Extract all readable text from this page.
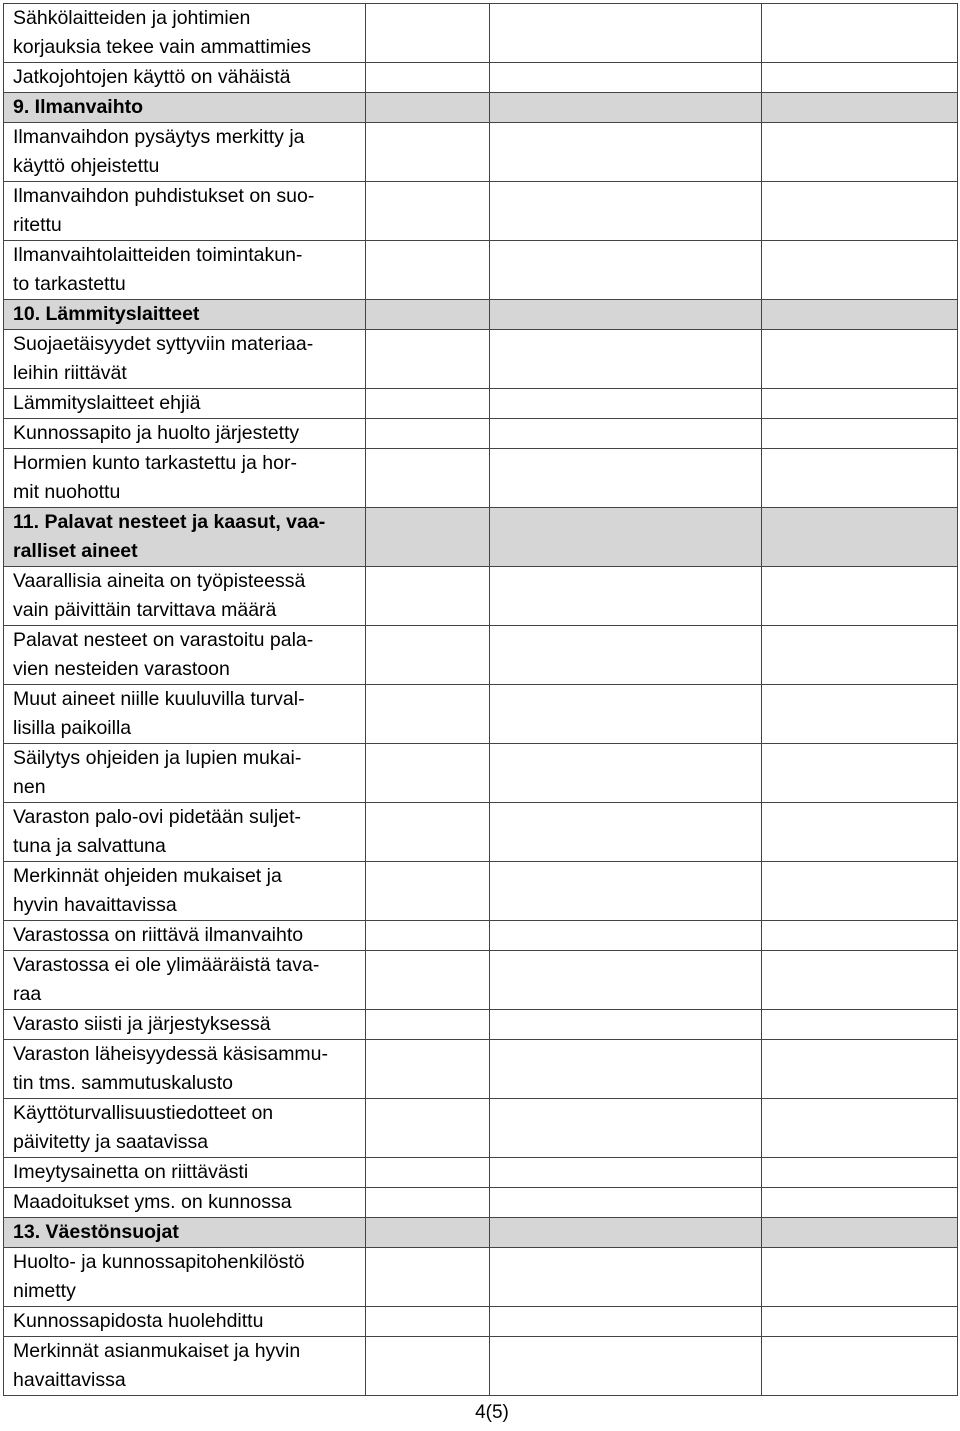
Sähkölaitteiden ja johtimien
korjauksia tekee vain ammattimies			
Jatkojohtojen käyttö on vähäistä			
9. Ilmanvaihto			
Ilmanvaihdon pysäytys merkitty ja
käyttö ohjeistettu			
Ilmanvaihdon puhdistukset on suo-
ritettu			
Ilmanvaihtolaitteiden toimintakun-
to tarkastettu			
10. Lämmityslaitteet			
Suojaetäisyydet syttyviin materiaa-
leihin riittävät			
Lämmityslaitteet ehjiä			
Kunnossapito ja huolto järjestetty			
Hormien kunto tarkastettu ja hor-
mit nuohottu			
11. Palavat nesteet ja kaasut, vaa-
ralliset aineet			
Vaarallisia aineita on työpisteessä
vain päivittäin tarvittava määrä			
Palavat nesteet on varastoitu pala-
vien nesteiden varastoon			
Muut aineet niille kuuluvilla turval-
lisilla paikoilla			
Säilytys ohjeiden ja lupien mukai-
nen			
Varaston palo-ovi pidetään suljet-
tuna ja salvattuna			
Merkinnät ohjeiden mukaiset ja
hyvin havaittavissa			
Varastossa on riittävä ilmanvaihto			
Varastossa ei ole ylimääräistä tava-
raa			
Varasto siisti ja järjestyksessä			
Varaston läheisyydessä käsisammu-
tin tms. sammutuskalusto			
Käyttöturvallisuustiedotteet on
päivitetty ja saatavissa			
Imeytysainetta on riittävästi			
Maadoitukset yms. on kunnossa			
13. Väestönsuojat			
Huolto- ja kunnossapitohenkilöstö
nimetty			
Kunnossapidosta huolehdittu			
Merkinnät asianmukaiset ja hyvin
havaittavissa			
4(5)
